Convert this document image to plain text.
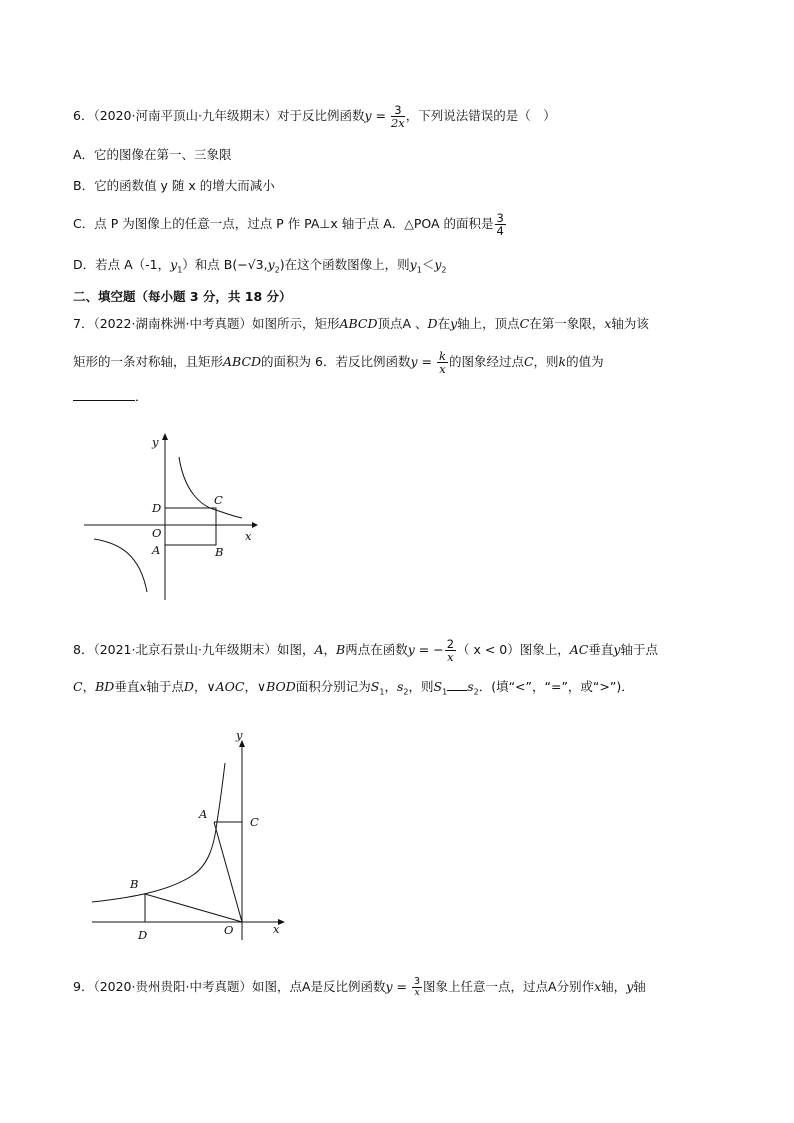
6．（2020·河南平顶山·九年级期末）对于反比例函数$y = \frac{3}{2x}$ ，下列说法错误的是（　）
A．它的图像在第一、三象限
B．它的函数值 y 随 x 的增大而减小
C．点 P 为图像上的任意一点，过点 P 作 PA⊥x 轴于点 A．△POA 的面积是 $\frac{3}{4}$
D．若点 A（-1，$y_1$）和点 $B(-√3,y_2)$在这个函数图像上，则$y_1<y_2$
二、填空题（每小题 3 分，共 18 分）
7．（2022·湖南株洲·中考真题）如图所示，矩形ABCD顶点A 、D在y轴上，顶点C在第一象限，x轴为该
矩形的一条对称轴，且矩形ABCD的面积为 6．若反比例函数$y = \frac{k}{x}$ 的图象经过点C，则k的值为
．
y
x
D
C
O
A	B
8．（2021·北京石景山·九年级期末）如图，A，B两点在函数y = − $\frac{2}{x}$ （ x < 0）图象上，AC垂直y轴于点
C，BD垂直x轴于点D，∨AOC，∨BOD面积分别记为$S_1$，$s_2$，则$S_1$ $s_2$．(填“<”，“=”，或“>”)．
y
x
A
C
B
D	O
9．（2020·贵州贵阳·中考真题）如图，点A是反比例函数$y = \frac{3}{x}$ 图象上任意一点，过点A分别作x轴，y轴
